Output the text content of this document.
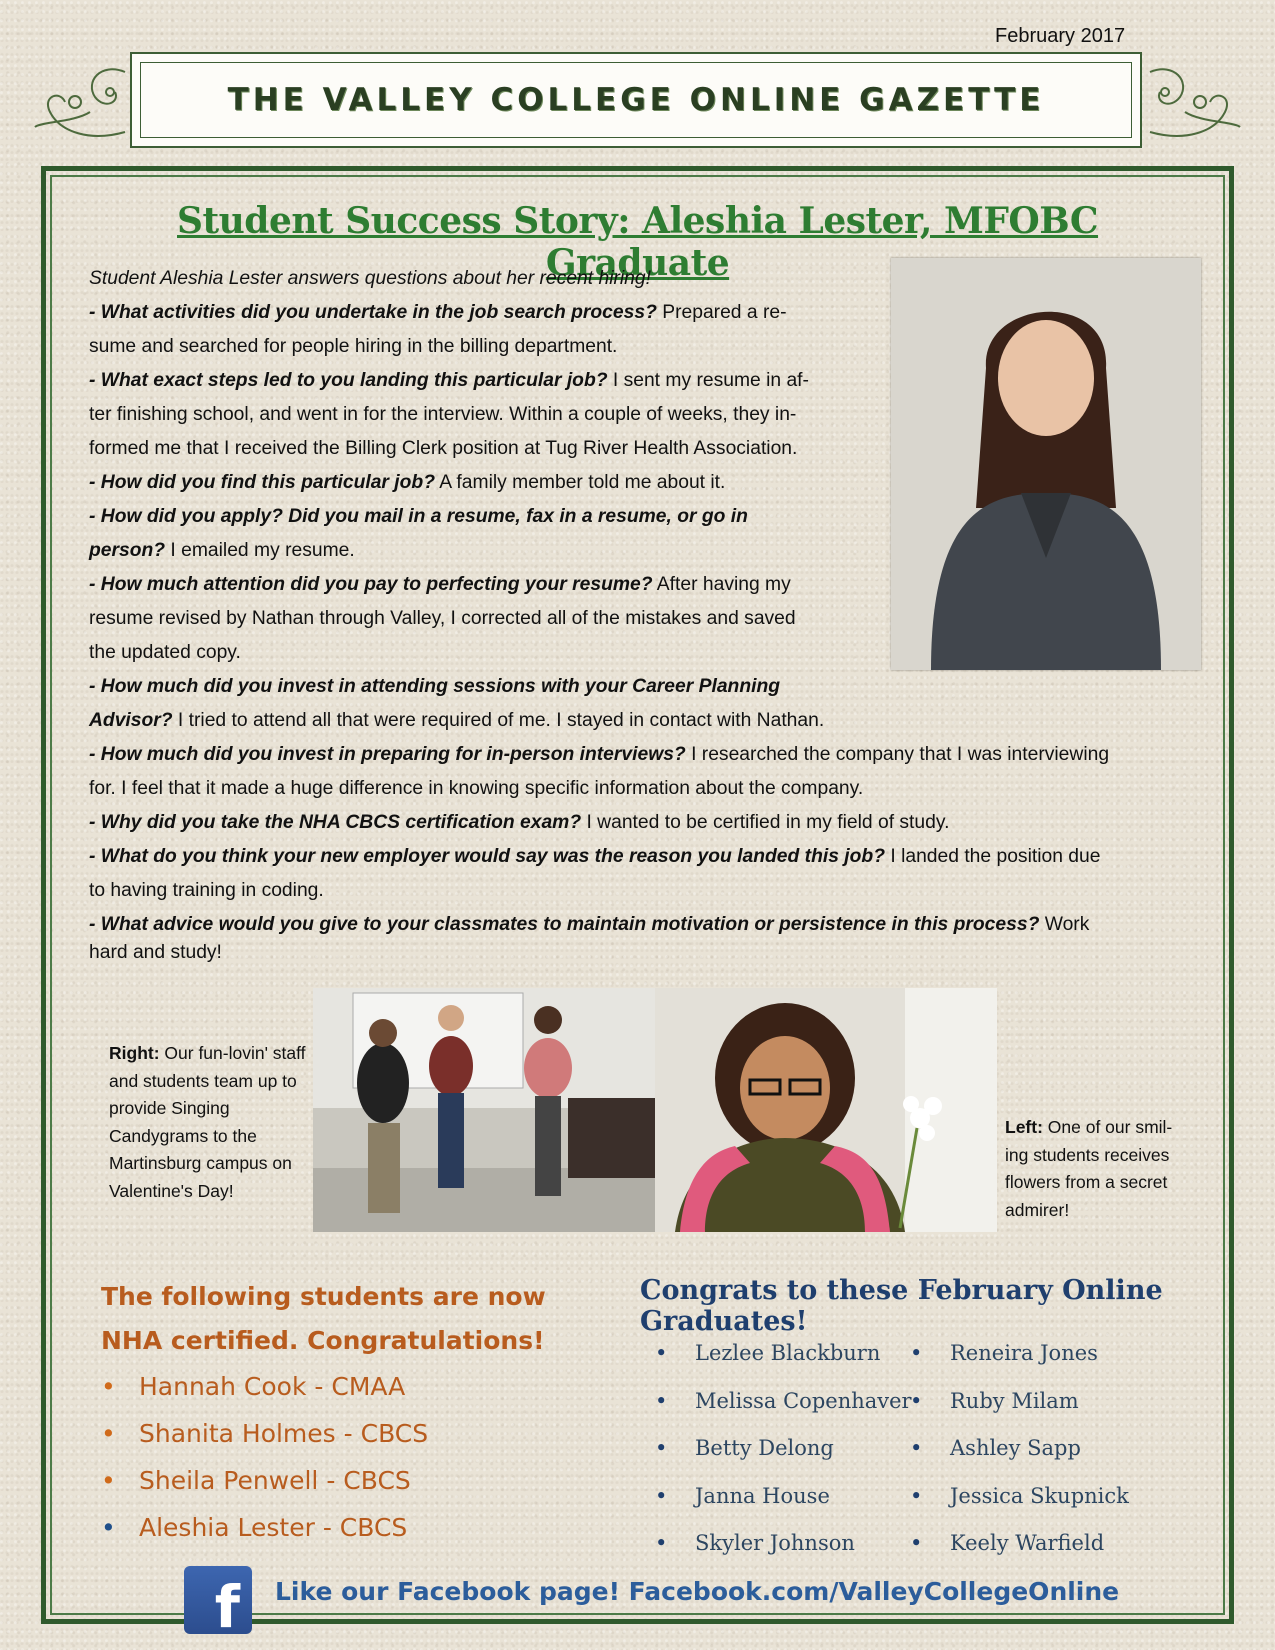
February 2017
THE VALLEY COLLEGE ONLINE GAZETTE
Student Success Story: Aleshia Lester, MFOBC Graduate
Student Aleshia Lester answers questions about her recent hiring!
- What activities did you undertake in the job search process? Prepared a re-
sume and searched for people hiring in the billing department.
- What exact steps led to you landing this particular job? I sent my resume in af-
ter finishing school, and went in for the interview. Within a couple of weeks, they in-
formed me that I received the Billing Clerk position at Tug River Health Association.
- How did you find this particular job? A family member told me about it.
- How did you apply? Did you mail in a resume, fax in a resume, or go in
person? I emailed my resume.
- How much attention did you pay to perfecting your resume? After having my
resume revised by Nathan through Valley, I corrected all of the mistakes and saved
the updated copy.
- How much did you invest in attending sessions with your Career Planning
Advisor? I tried to attend all that were required of me. I stayed in contact with Nathan.
- How much did you invest in preparing for in-person interviews? I researched the company that I was interviewing
for. I feel that it made a huge difference in knowing specific information about the company.
- Why did you take the NHA CBCS certification exam? I wanted to be certified in my field of study.
- What do you think your new employer would say was the reason you landed this job? I landed the position due
to having training in coding.
- What advice would you give to your classmates to maintain motivation or persistence in this process? Work
hard and study!
Right: Our fun-lovin' staff and students team up to provide Singing Candygrams to the Martinsburg campus on Valentine's Day!
Left: One of our smil-ing students receives flowers from a secret admirer!
The following students are now NHA certified. Congratulations!
• Hannah Cook - CMAA
• Shanita Holmes - CBCS
• Sheila Penwell - CBCS
• Aleshia Lester - CBCS
Congrats to these February Online Graduates!
• Lezlee Blackburn
• Melissa Copenhaver
• Betty Delong
• Janna House
• Skyler Johnson
• Reneira Jones
• Ruby Milam
• Ashley Sapp
• Jessica Skupnick
• Keely Warfield
f	Like our Facebook page! Facebook.com/ValleyCollegeOnline
